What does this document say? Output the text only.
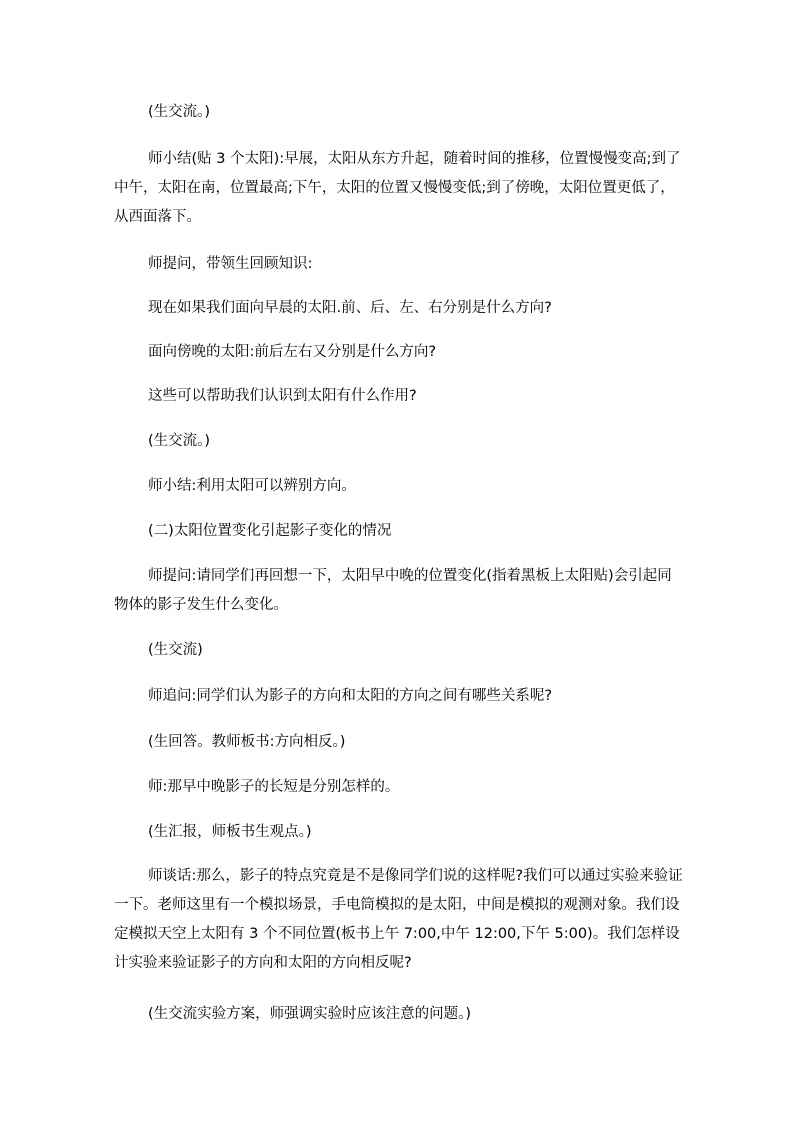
(生交流。)

师小结(贴 3 个太阳):早展，太阳从东方升起，随着时间的推移，位置慢慢变高;到了中午，太阳在南，位置最高;下午，太阳的位置又慢慢变低;到了傍晚，太阳位置更低了，从西面落下。

师提问，带领生回顾知识:

现在如果我们面向早晨的太阳.前、后、左、右分别是什么方向?

面向傍晚的太阳:前后左右又分别是什么方向?

这些可以帮助我们认识到太阳有什么作用?

(生交流。)

师小结:利用太阳可以辨别方向。

(二)太阳位置变化引起影子变化的情况

师提问:请同学们再回想一下，太阳早中晚的位置变化(指着黑板上太阳贴)会引起同物体的影子发生什么变化。

(生交流)

师追问:同学们认为影子的方向和太阳的方向之间有哪些关系呢?

(生回答。教师板书:方向相反。)

师:那早中晚影子的长短是分别怎样的。

(生汇报，师板书生观点。)

师谈话:那么，影子的特点究竟是不是像同学们说的这样呢?我们可以通过实验来验证一下。老师这里有一个模拟场景，手电筒模拟的是太阳，中间是模拟的观测对象。我们设定模拟天空上太阳有 3 个不同位置(板书上午 7:00,中午 12:00,下午 5:00)。我们怎样设计实验来验证影子的方向和太阳的方向相反呢?

(生交流实验方案，师强调实验时应该注意的问题。)
